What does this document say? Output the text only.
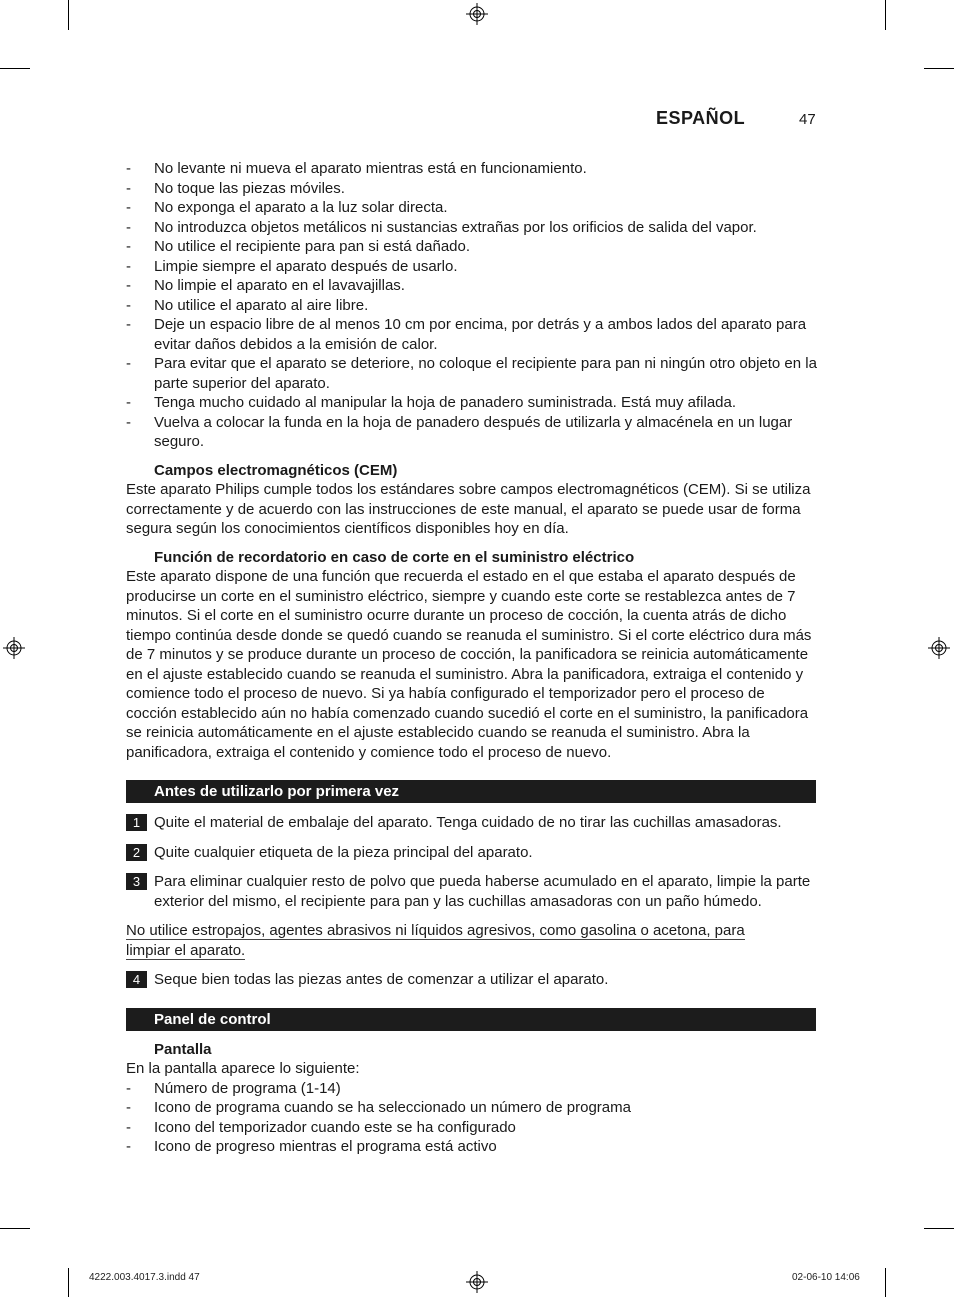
ESPAÑOL	47
- No levante ni mueva el aparato mientras está en funcionamiento.
- No toque las piezas móviles.
- No exponga el aparato a la luz solar directa.
- No introduzca objetos metálicos ni sustancias extrañas por los orificios de salida del vapor.
- No utilice el recipiente para pan si está dañado.
- Limpie siempre el aparato después de usarlo.
- No limpie el aparato en el lavavajillas.
- No utilice el aparato al aire libre.
- Deje un espacio libre de al menos 10 cm por encima, por detrás y a ambos lados del aparato para evitar daños debidos a la emisión de calor.
- Para evitar que el aparato se deteriore, no coloque el recipiente para pan ni ningún otro objeto en la parte superior del aparato.
- Tenga mucho cuidado al manipular la hoja de panadero suministrada. Está muy afilada.
- Vuelva a colocar la funda en la hoja de panadero después de utilizarla y almacénela en un lugar seguro.
Campos electromagnéticos (CEM)

Este aparato Philips cumple todos los estándares sobre campos electromagnéticos (CEM). Si se utiliza correctamente y de acuerdo con las instrucciones de este manual, el aparato se puede usar de forma segura según los conocimientos científicos disponibles hoy en día.

Función de recordatorio en caso de corte en el suministro eléctrico

Este aparato dispone de una función que recuerda el estado en el que estaba el aparato después de producirse un corte en el suministro eléctrico, siempre y cuando este corte se restablezca antes de 7 minutos. Si el corte en el suministro ocurre durante un proceso de cocción, la cuenta atrás de dicho tiempo continúa desde donde se quedó cuando se reanuda el suministro. Si el corte eléctrico dura más de 7 minutos y se produce durante un proceso de cocción, la panificadora se reinicia automáticamente en el ajuste establecido cuando se reanuda el suministro. Abra la panificadora, extraiga el contenido y comience todo el proceso de nuevo. Si ya había configurado el temporizador pero el proceso de cocción establecido aún no había comenzado cuando sucedió el corte en el suministro, la panificadora se reinicia automáticamente en el ajuste establecido cuando se reanuda el suministro. Abra la panificadora, extraiga el contenido y comience todo el proceso de nuevo.

Antes de utilizarlo por primera vez
1 Quite el material de embalaje del aparato. Tenga cuidado de no tirar las cuchillas amasadoras.
2 Quite cualquier etiqueta de la pieza principal del aparato.
3 Para eliminar cualquier resto de polvo que pueda haberse acumulado en el aparato, limpie la parte exterior del mismo, el recipiente para pan y las cuchillas amasadoras con un paño húmedo.
No utilice estropajos, agentes abrasivos ni líquidos agresivos, como gasolina o acetona, para limpiar el aparato.
4 Seque bien todas las piezas antes de comenzar a utilizar el aparato.
Panel de control
Pantalla

En la pantalla aparece lo siguiente:

- Número de programa (1-14)
- Icono de programa cuando se ha seleccionado un número de programa
- Icono del temporizador cuando este se ha configurado
- Icono de progreso mientras el programa está activo
4222.003.4017.3.indd 47	02-06-10 14:06
